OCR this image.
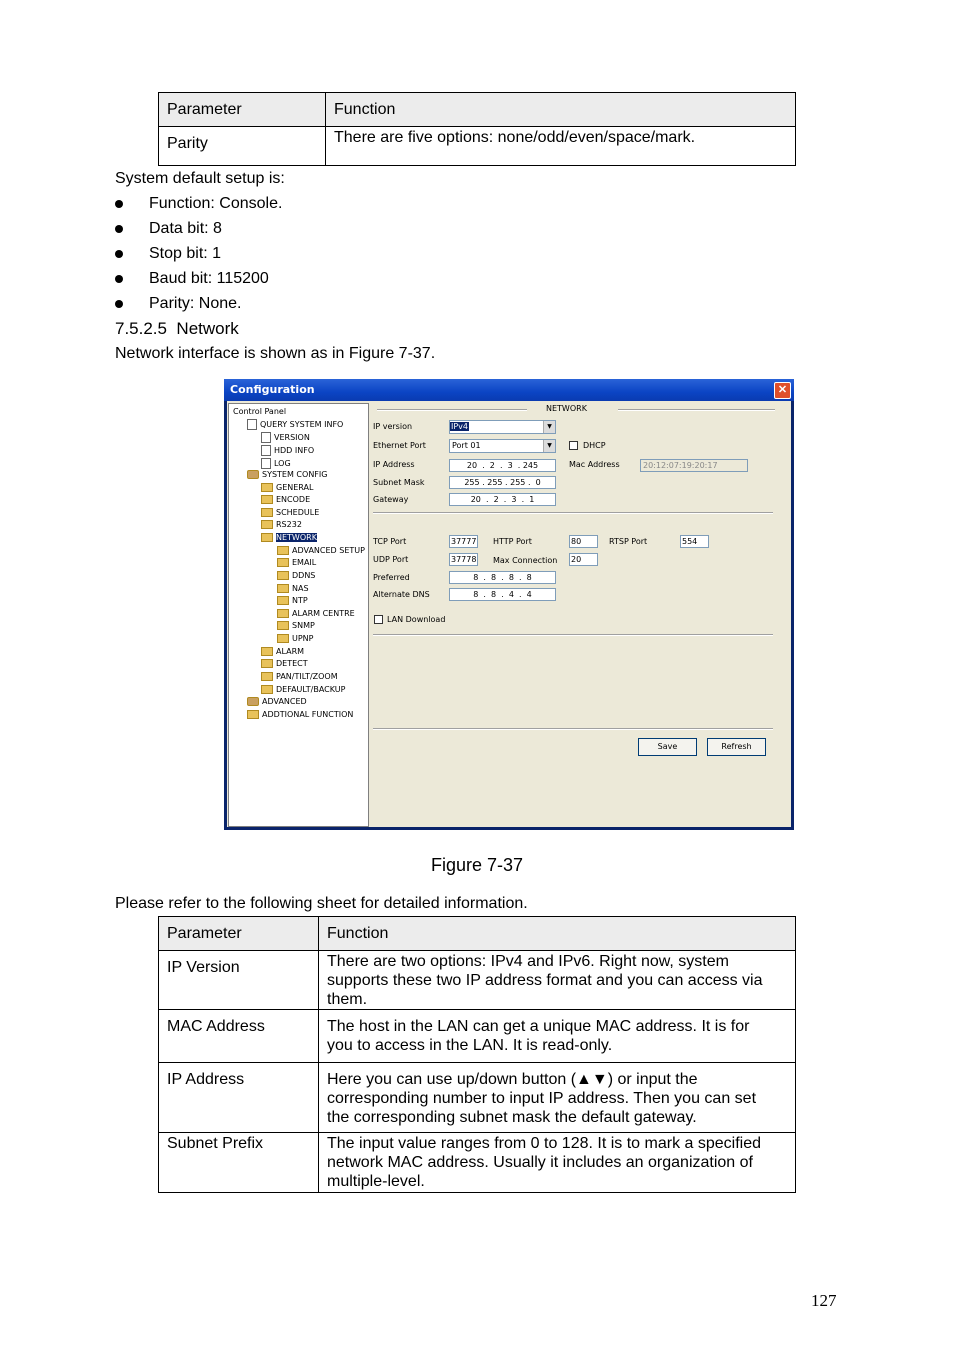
Parameter	Function
Parity	There are five options: none/odd/even/space/mark.
System default setup is:
Function: Console.
Data bit: 8
Stop bit: 1
Baud bit: 115200
Parity: None.
7.5.2.5  Network
Network interface is shown as in Figure 7-37.
Configuration	✕
Control Panel
QUERY SYSTEM INFO
VERSION
HDD INFO
LOG
SYSTEM CONFIG
GENERAL
ENCODE
SCHEDULE
RS232
NETWORK
ADVANCED SETUP
EMAIL
DDNS
NAS
NTP
ALARM CENTRE
SNMP
UPNP
ALARM
DETECT
PAN/TILT/ZOOM
DEFAULT/BACKUP
ADVANCED
ADDTIONAL FUNCTION
NETWORK
IP version	IPv4	▼
Ethernet Port	Port 01	▼	DHCP
IP Address	20  .  2  .  3  . 245	Mac Address	20:12:07:19:20:17
Subnet Mask	255 . 255 . 255 .  0
Gateway	20  .  2  .  3  .  1
TCP Port	37777 HTTP Port	80	RTSP Port	554
UDP Port	37778 Max Connection 20
Preferred	8  .  8  .  8  .  8
Alternate DNS	8  .  8  .  4  .  4
LAN Download
Save	Refresh
Figure 7-37
Please refer to the following sheet for detailed information.
Parameter	Function
IP Version	There are two options: IPv4 and IPv6. Right now, system
supports these two IP address format and you can access via
them.

MAC Address	The host in the LAN can get a unique MAC address. It is for
you to access in the LAN. It is read-only.

IP Address	Here you can use up/down button (▲▼) or input the
corresponding number to input IP address. Then you can set
the corresponding subnet mask the default gateway.

Subnet Prefix	The input value ranges from 0 to 128. It is to mark a specified
network MAC address. Usually it includes an organization of
multiple-level.
127
